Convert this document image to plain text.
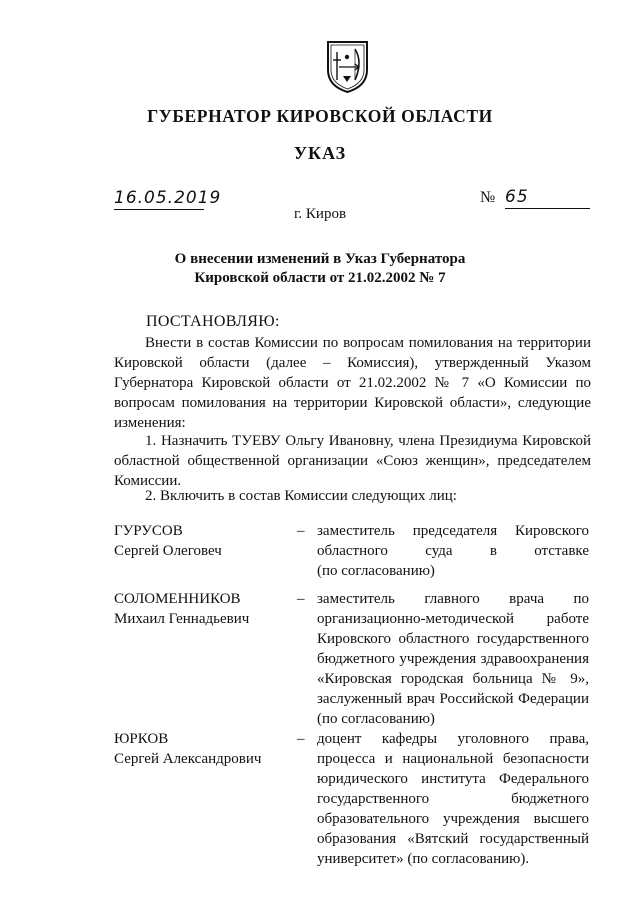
ГУБЕРНАТОР КИРОВСКОЙ ОБЛАСТИ
УКАЗ
16.05.2019	№ 65
г. Киров
О внесении изменений в Указ Губернатора
Кировской области от 21.02.2002 № 7
ПОСТАНОВЛЯЮ:
Внести в состав Комиссии по вопросам помилования на территории Кировской области (далее – Комиссия), утвержденный Указом Губернатора Кировской области от 21.02.2002 № 7 «О Комиссии по вопросам помилования на территории Кировской области», следующие изменения:
1. Назначить ТУЕВУ Ольгу Ивановну, члена Президиума Кировской областной общественной организации «Союз женщин», председателем Комиссии.
2. Включить в состав Комиссии следующих лиц:
ГУРУСОВ
Сергей Олеговеч
– заместитель председателя Кировского областного суда в отставке
(по согласованию)
СОЛОМЕННИКОВ
Михаил Геннадьевич
– заместитель главного врача по организационно-методической работе Кировского областного государственного бюджетного учреждения здравоохранения «Кировская городская больница № 9», заслуженный врач Российской Федерации
(по согласованию)
ЮРКОВ
Сергей Александрович
– доцент кафедры уголовного права, процесса и национальной безопасности юридического института Федерального государственного бюджетного образовательного учреждения высшего образования «Вятский государственный
университет» (по согласованию).
